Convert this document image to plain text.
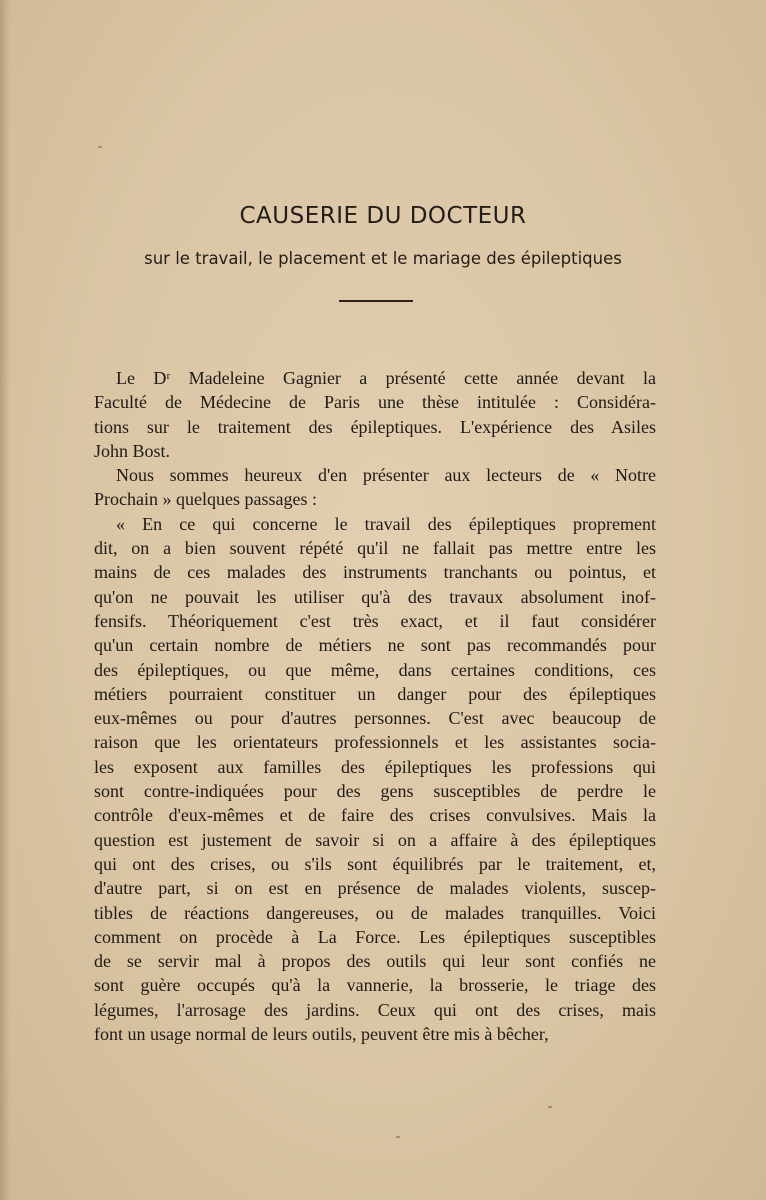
CAUSERIE DU DOCTEUR
sur le travail, le placement et le mariage des épileptiques

Le Dʳ Madeleine Gagnier a présenté cette année devant la
Faculté de Médecine de Paris une thèse intitulée : Considéra-
tions sur le traitement des épileptiques. L'expérience des Asiles
John Bost.

Nous sommes heureux d'en présenter aux lecteurs de « Notre
Prochain » quelques passages :

« En ce qui concerne le travail des épileptiques proprement
dit, on a bien souvent répété qu'il ne fallait pas mettre entre les
mains de ces malades des instruments tranchants ou pointus, et
qu'on ne pouvait les utiliser qu'à des travaux absolument inof-
fensifs. Théoriquement c'est très exact, et il faut considérer
qu'un certain nombre de métiers ne sont pas recommandés pour
des épileptiques, ou que même, dans certaines conditions, ces
métiers pourraient constituer un danger pour des épileptiques
eux-mêmes ou pour d'autres personnes. C'est avec beaucoup de
raison que les orientateurs professionnels et les assistantes socia-
les exposent aux familles des épileptiques les professions qui
sont contre-indiquées pour des gens susceptibles de perdre le
contrôle d'eux-mêmes et de faire des crises convulsives. Mais la
question est justement de savoir si on a affaire à des épileptiques
qui ont des crises, ou s'ils sont équilibrés par le traitement, et,
d'autre part, si on est en présence de malades violents, suscep-
tibles de réactions dangereuses, ou de malades tranquilles. Voici
comment on procède à La Force. Les épileptiques susceptibles
de se servir mal à propos des outils qui leur sont confiés ne
sont guère occupés qu'à la vannerie, la brosserie, le triage des
légumes, l'arrosage des jardins. Ceux qui ont des crises, mais
font un usage normal de leurs outils, peuvent être mis à bêcher,
